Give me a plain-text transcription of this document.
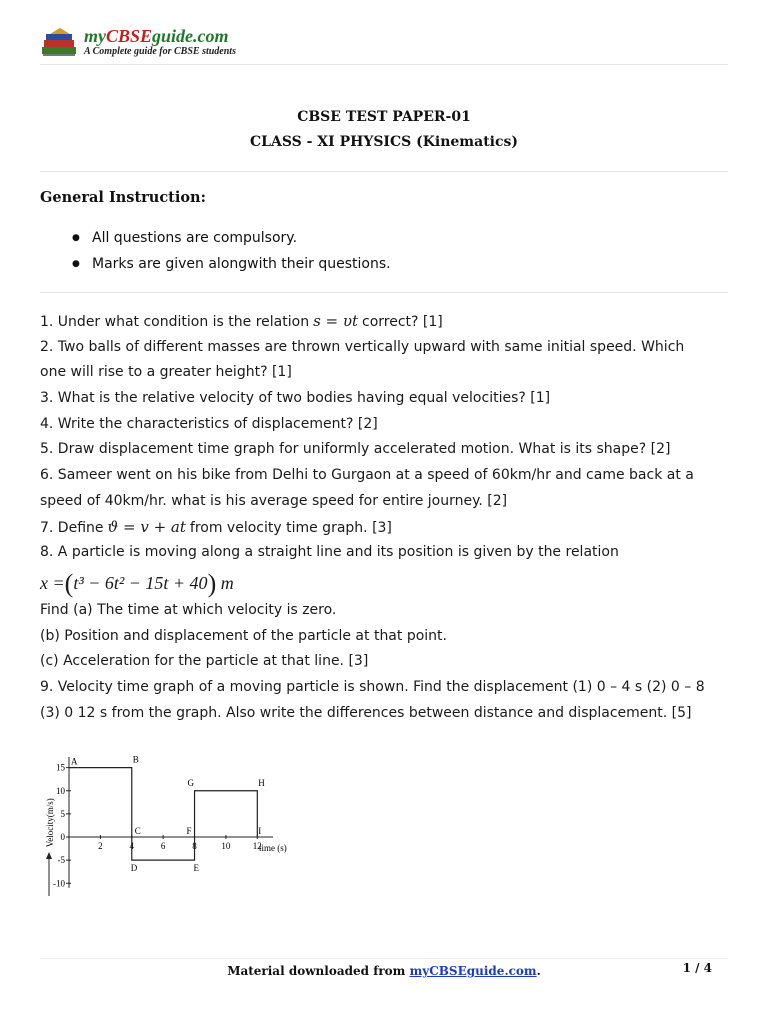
myCBSEguide.com
A Complete guide for CBSE students
CBSE TEST PAPER-01
CLASS - XI PHYSICS (Kinematics)
General Instruction:
● All questions are compulsory.
● Marks are given alongwith their questions.
1. Under what condition is the relation s = υt correct? [1]
2. Two balls of different masses are thrown vertically upward with same initial speed. Which
one will rise to a greater height? [1]
3. What is the relative velocity of two bodies having equal velocities? [1]
4. Write the characteristics of displacement? [2]
5. Draw displacement time graph for uniformly accelerated motion. What is its shape? [2]
6. Sameer went on his bike from Delhi to Gurgaon at a speed of 60km/hr and came back at a
speed of 40km/hr. what is his average speed for entire journey. [2]
7. Define ϑ = v + at from velocity time graph. [3]
8. A particle is moving along a straight line and its position is given by the relation
x =(t³ − 6t² − 15t + 40) m
Find (a) The time at which velocity is zero.
(b) Position and displacement of the particle at that point.
(c) Acceleration for the particle at that line. [3]
9. Velocity time graph of a moving particle is shown. Find the displacement (1) 0 – 4 s (2) 0 – 8
(3) 0 12 s from the graph. Also write the differences between distance and displacement. [5]
15
10
5
0
-5
-10
2	4	6	8	10 12
A	B
C
D	E
F
G	H
I
time (s)
Velocity(m/s)
Material downloaded from myCBSEguide.com.	1 / 4
